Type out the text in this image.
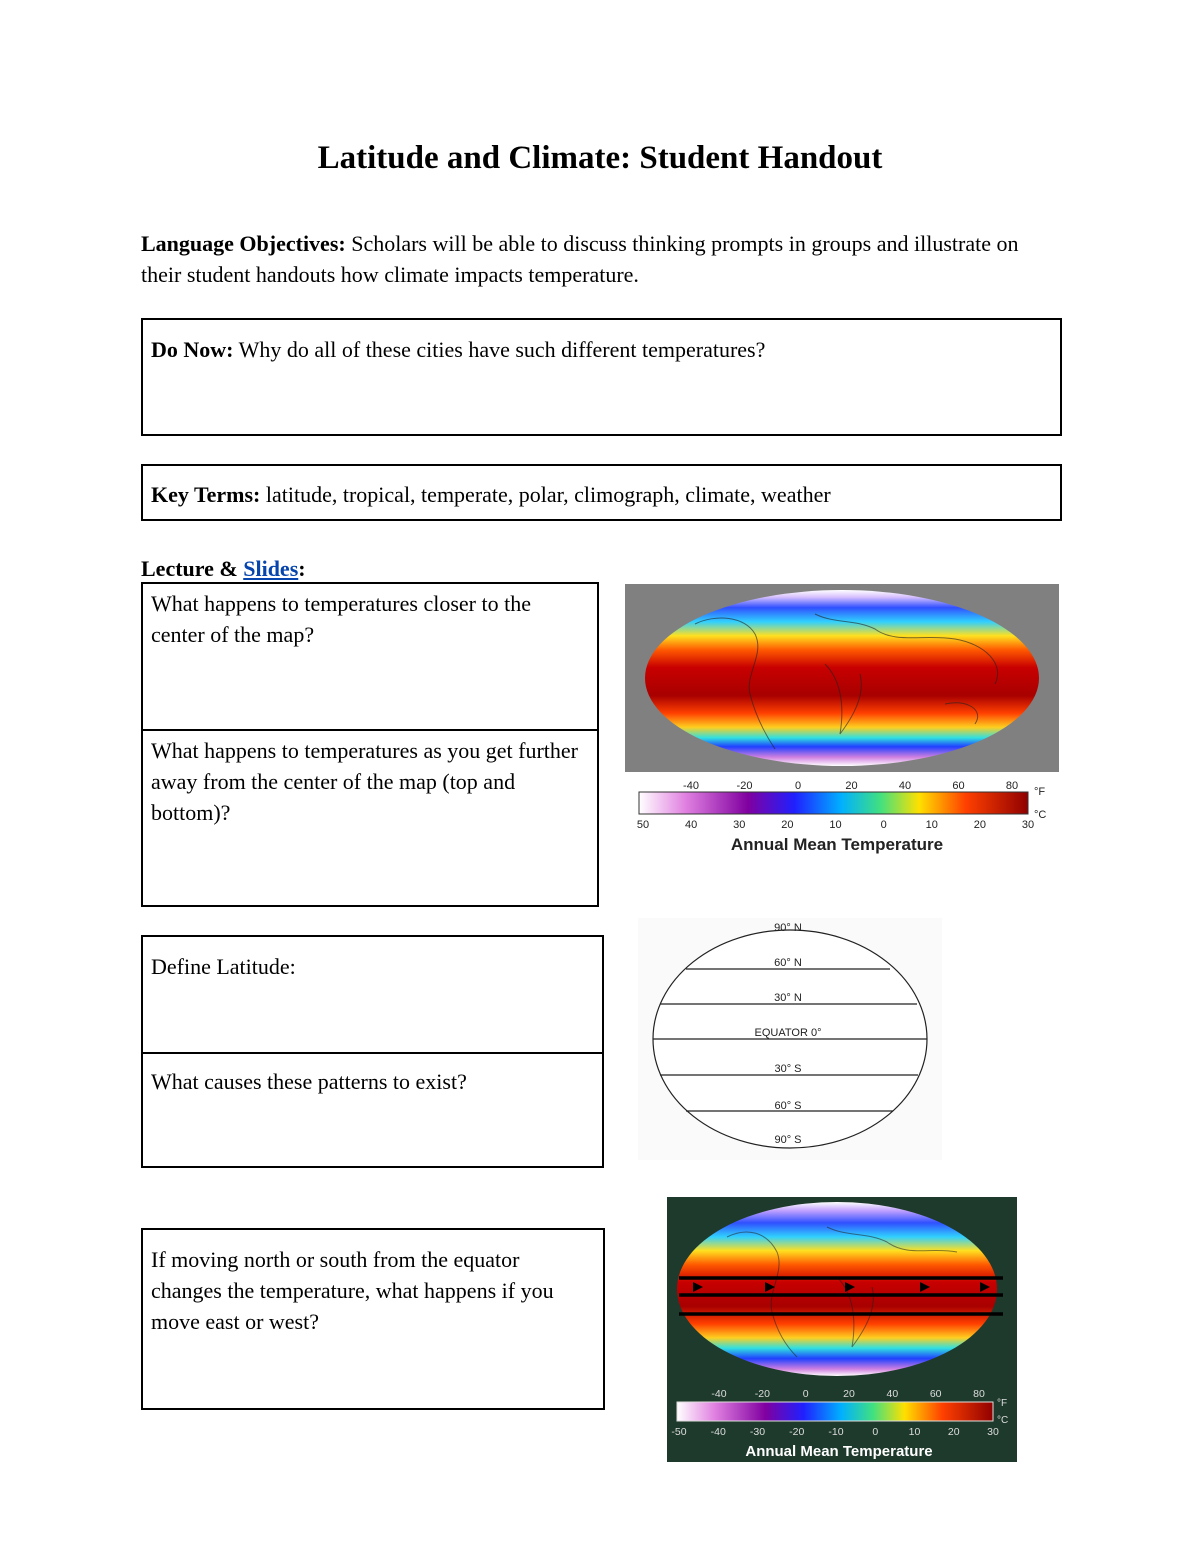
Latitude and Climate: Student Handout
Language Objectives: Scholars will be able to discuss thinking prompts in groups and illustrate on their student handouts how climate impacts temperature.
Do Now: Why do all of these cities have such different temperatures?
Key Terms: latitude, tropical, temperate, polar, climograph, climate, weather
Lecture & Slides:
What happens to temperatures closer to the center of the map?
What happens to temperatures as you get further away from the center of the map (top and bottom)?
Define Latitude:
What causes these patterns to exist?
If moving north or south from the equator changes the temperature, what happens if you move east or west?
°F
°C
Annual Mean Temperature
-40	-20	0	20	40	60	80
50	40	30	20	10	0	10	20	30
90° N
60° N
30° N
EQUATOR 0°
30° S
60° S
90° S
°F
°C
Annual Mean Temperature
-40	-20	0	20	40	60	80
-50 -40 -30 -20 -10	0	10	20	30
